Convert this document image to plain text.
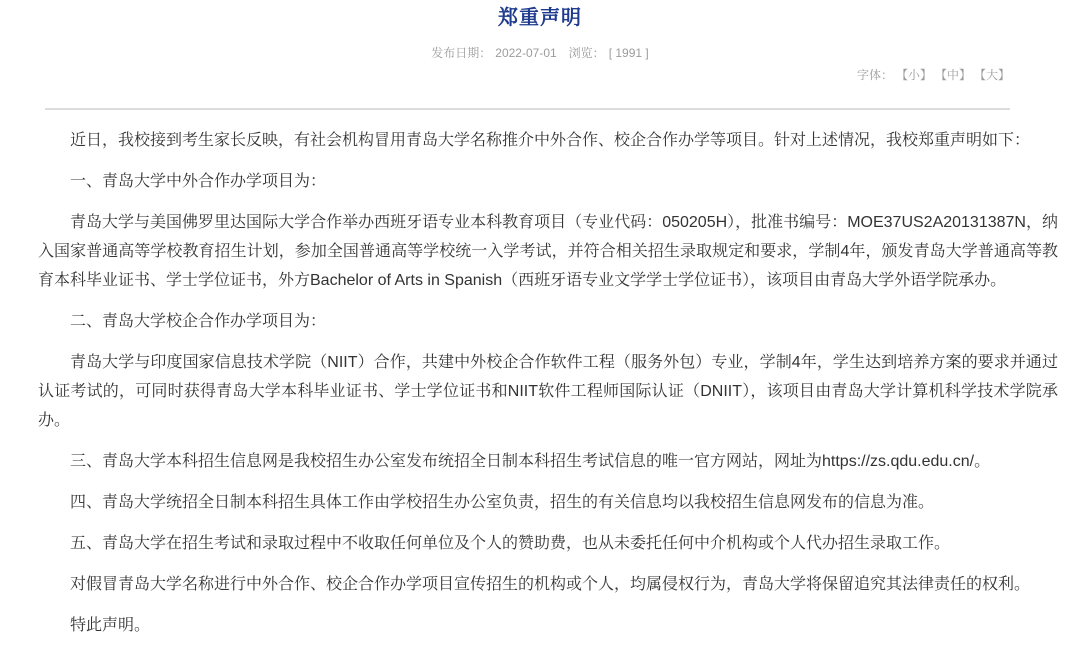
郑重声明
发布日期： 2022-07-01 浏览： [ 1991 ]
字体： 【小】 【中】 【大】

近日，我校接到考生家长反映，有社会机构冒用青岛大学名称推介中外合作、校企合作办学等项目。针对上述情况，我校郑重声明如下：

一、青岛大学中外合作办学项目为：

青岛大学与美国佛罗里达国际大学合作举办西班牙语专业本科教育项目（专业代码：050205H），批准书编号：MOE37US2A20131387N，纳入国家普通高等学校教育招生计划，参加全国普通高等学校统一入学考试，并符合相关招生录取规定和要求，学制4年，颁发青岛大学普通高等教育本科毕业证书、学士学位证书，外方Bachelor of Arts in Spanish（西班牙语专业文学学士学位证书），该项目由青岛大学外语学院承办。

二、青岛大学校企合作办学项目为：

青岛大学与印度国家信息技术学院（NIIT）合作，共建中外校企合作软件工程（服务外包）专业，学制4年，学生达到培养方案的要求并通过认证考试的，可同时获得青岛大学本科毕业证书、学士学位证书和NIIT软件工程师国际认证（DNIIT），该项目由青岛大学计算机科学技术学院承办。

三、青岛大学本科招生信息网是我校招生办公室发布统招全日制本科招生考试信息的唯一官方网站，网址为https://zs.qdu.edu.cn/。

四、青岛大学统招全日制本科招生具体工作由学校招生办公室负责，招生的有关信息均以我校招生信息网发布的信息为准。

五、青岛大学在招生考试和录取过程中不收取任何单位及个人的赞助费，也从未委托任何中介机构或个人代办招生录取工作。

对假冒青岛大学名称进行中外合作、校企合作办学项目宣传招生的机构或个人，均属侵权行为，青岛大学将保留追究其法律责任的权利。

特此声明。
